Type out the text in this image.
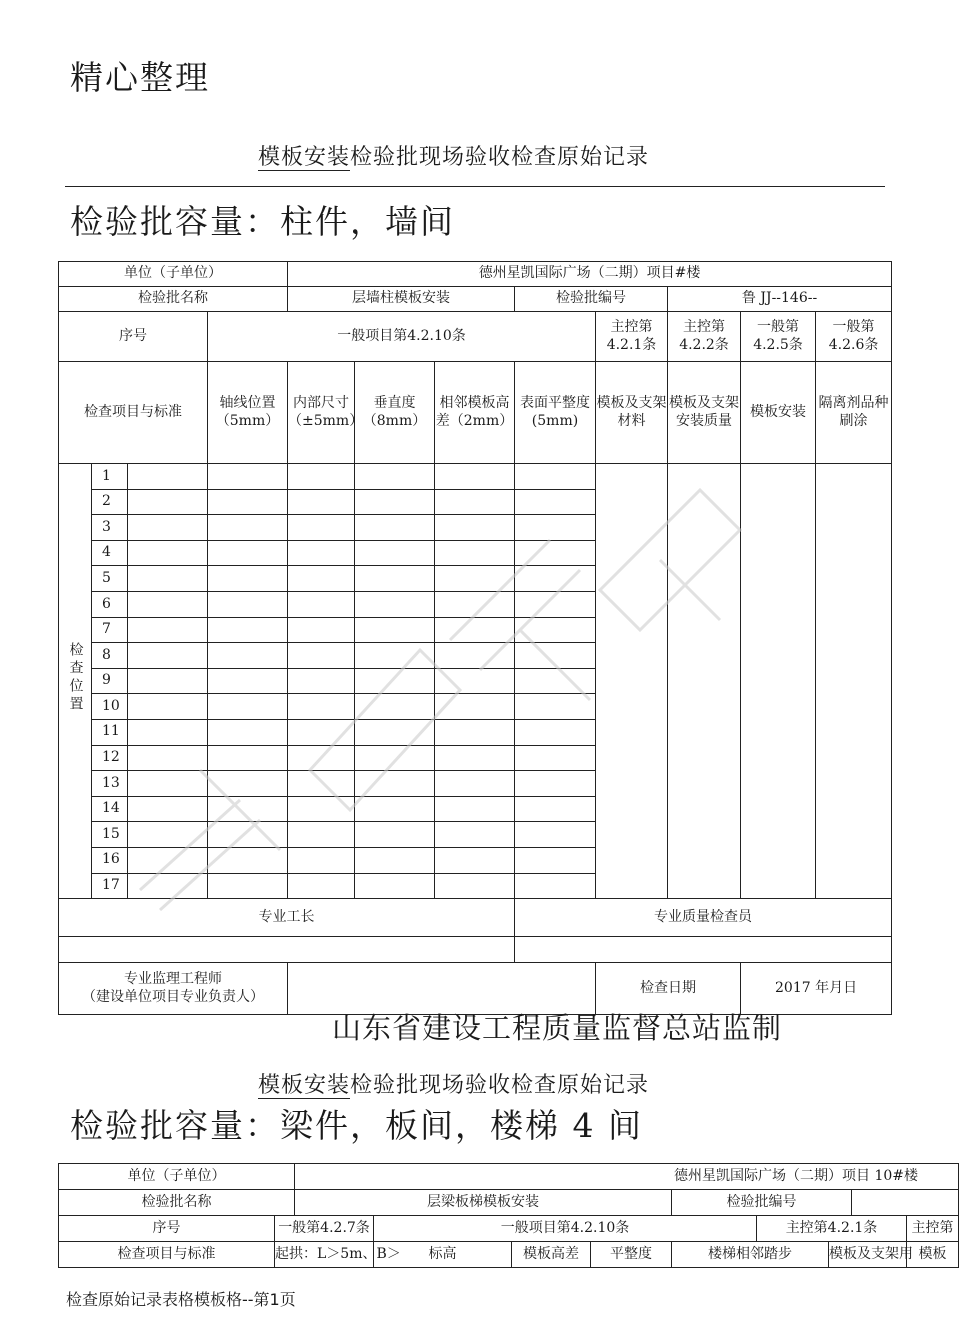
精心整理
模板安装检验批现场验收检查原始记录
检验批容量：柱件，墙间
单位（子单位）				德州星凯国际广场（二期）项目#楼							
检验批名称				层墙柱模板安装			检验批编号		鲁 JJ--146--		
序号			一般项目第4.2.10条					主控第4.2.1条	主控第4.2.2条	一般第4.2.5条	一般第4.2.6条
检查项目与标准			轴线位置（5mm）	内部尺寸（±5mm）	垂直度（8mm）	相邻模板高差（2mm）	表面平整度(5mm)	模板及支架材料	模板及支架安装质量	模板安装	隔离剂品种刷涂
检查位置	1										
	2										
	3										
	4										
	5										
	6										
	7										
	8										
	9										
	10										
	11										
	12										
	13										
	14										
	15										
	16										
	17										
专业工长							专业质量检查员				

专业监理工程师
（建设单位项目专业负责人）								检查日期		2017 年月日	
山东省建设工程质量监督总站监制
模板安装检验批现场验收检查原始记录
检验批容量：梁件，板间，楼梯 4 间
单位（子单位）		德州星凯国际广场（二期）项目 10#楼								
检验批名称		层梁板梯模板安装				检验批编号				
序号	一般第4.2.7条		一般项目第4.2.10条				主控第4.2.1条			主控第
检查项目与标准	起拱：L＞5m、B＞		标高	模板高差	平整度	楼梯相邻踏步		模板及支架用		模板
检查原始记录表格模板格--第1页
